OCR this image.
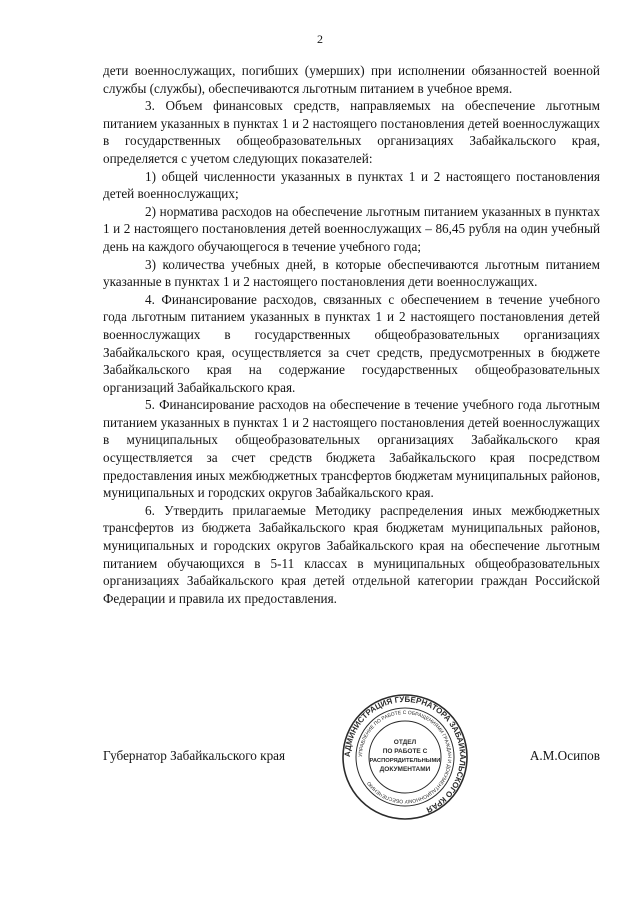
2

дети военнослужащих, погибших (умерших) при исполнении обязанностей военной службы (службы), обеспечиваются льготным питанием в учебное время.

3. Объем финансовых средств, направляемых на обеспечение льготным питанием указанных в пунктах 1 и 2 настоящего постановления детей военнослужащих в государственных общеобразовательных организациях Забайкальского края, определяется с учетом следующих показателей:

1) общей численности указанных в пунктах 1 и 2 настоящего постановления детей военнослужащих;

2) норматива расходов на обеспечение льготным питанием указанных в пунктах 1 и 2 настоящего постановления детей военнослужащих – 86,45 рубля на один учебный день на каждого обучающегося в течение учебного года;

3) количества учебных дней, в которые обеспечиваются льготным питанием указанные в пунктах 1 и 2 настоящего постановления дети военнослужащих.

4. Финансирование расходов, связанных с обеспечением в течение учебного года льготным питанием указанных в пунктах 1 и 2 настоящего постановления детей военнослужащих в государственных общеобразовательных организациях Забайкальского края, осуществляется за счет средств, предусмотренных в бюджете Забайкальского края на содержание государственных общеобразовательных организаций Забайкальского края.

5. Финансирование расходов на обеспечение в течение учебного года льготным питанием указанных в пунктах 1 и 2 настоящего постановления детей военнослужащих в муниципальных общеобразовательных организациях Забайкальского края осуществляется за счет средств бюджета Забайкальского края посредством предоставления иных межбюджетных трансфертов бюджетам муниципальных районов, муниципальных и городских округов Забайкальского края.

6. Утвердить прилагаемые Методику распределения иных межбюджетных трансфертов из бюджета Забайкальского края бюджетам муниципальных районов, муниципальных и городских округов Забайкальского края на обеспечение льготным питанием обучающихся в 5-11 классах в муниципальных общеобразовательных организациях Забайкальского края детей отдельной категории граждан Российской Федерации и правила их предоставления.

Губернатор Забайкальского края	А.М.Осипов
АДМИНИСТРАЦИЯ ГУБЕРНАТОРА ЗАБАЙКАЛЬСКОГО КРАЯ
УПРАВЛЕНИЕ ПО РАБОТЕ С ОБРАЩЕНИЯМИ ГРАЖДАН И ДОКУМЕНТАЦИОННОМУ ОБЕСПЕЧЕНИЮ
ОТДЕЛ
ПО РАБОТЕ С
РАСПОРЯДИТЕЛЬНЫМИ
ДОКУМЕНТАМИ
